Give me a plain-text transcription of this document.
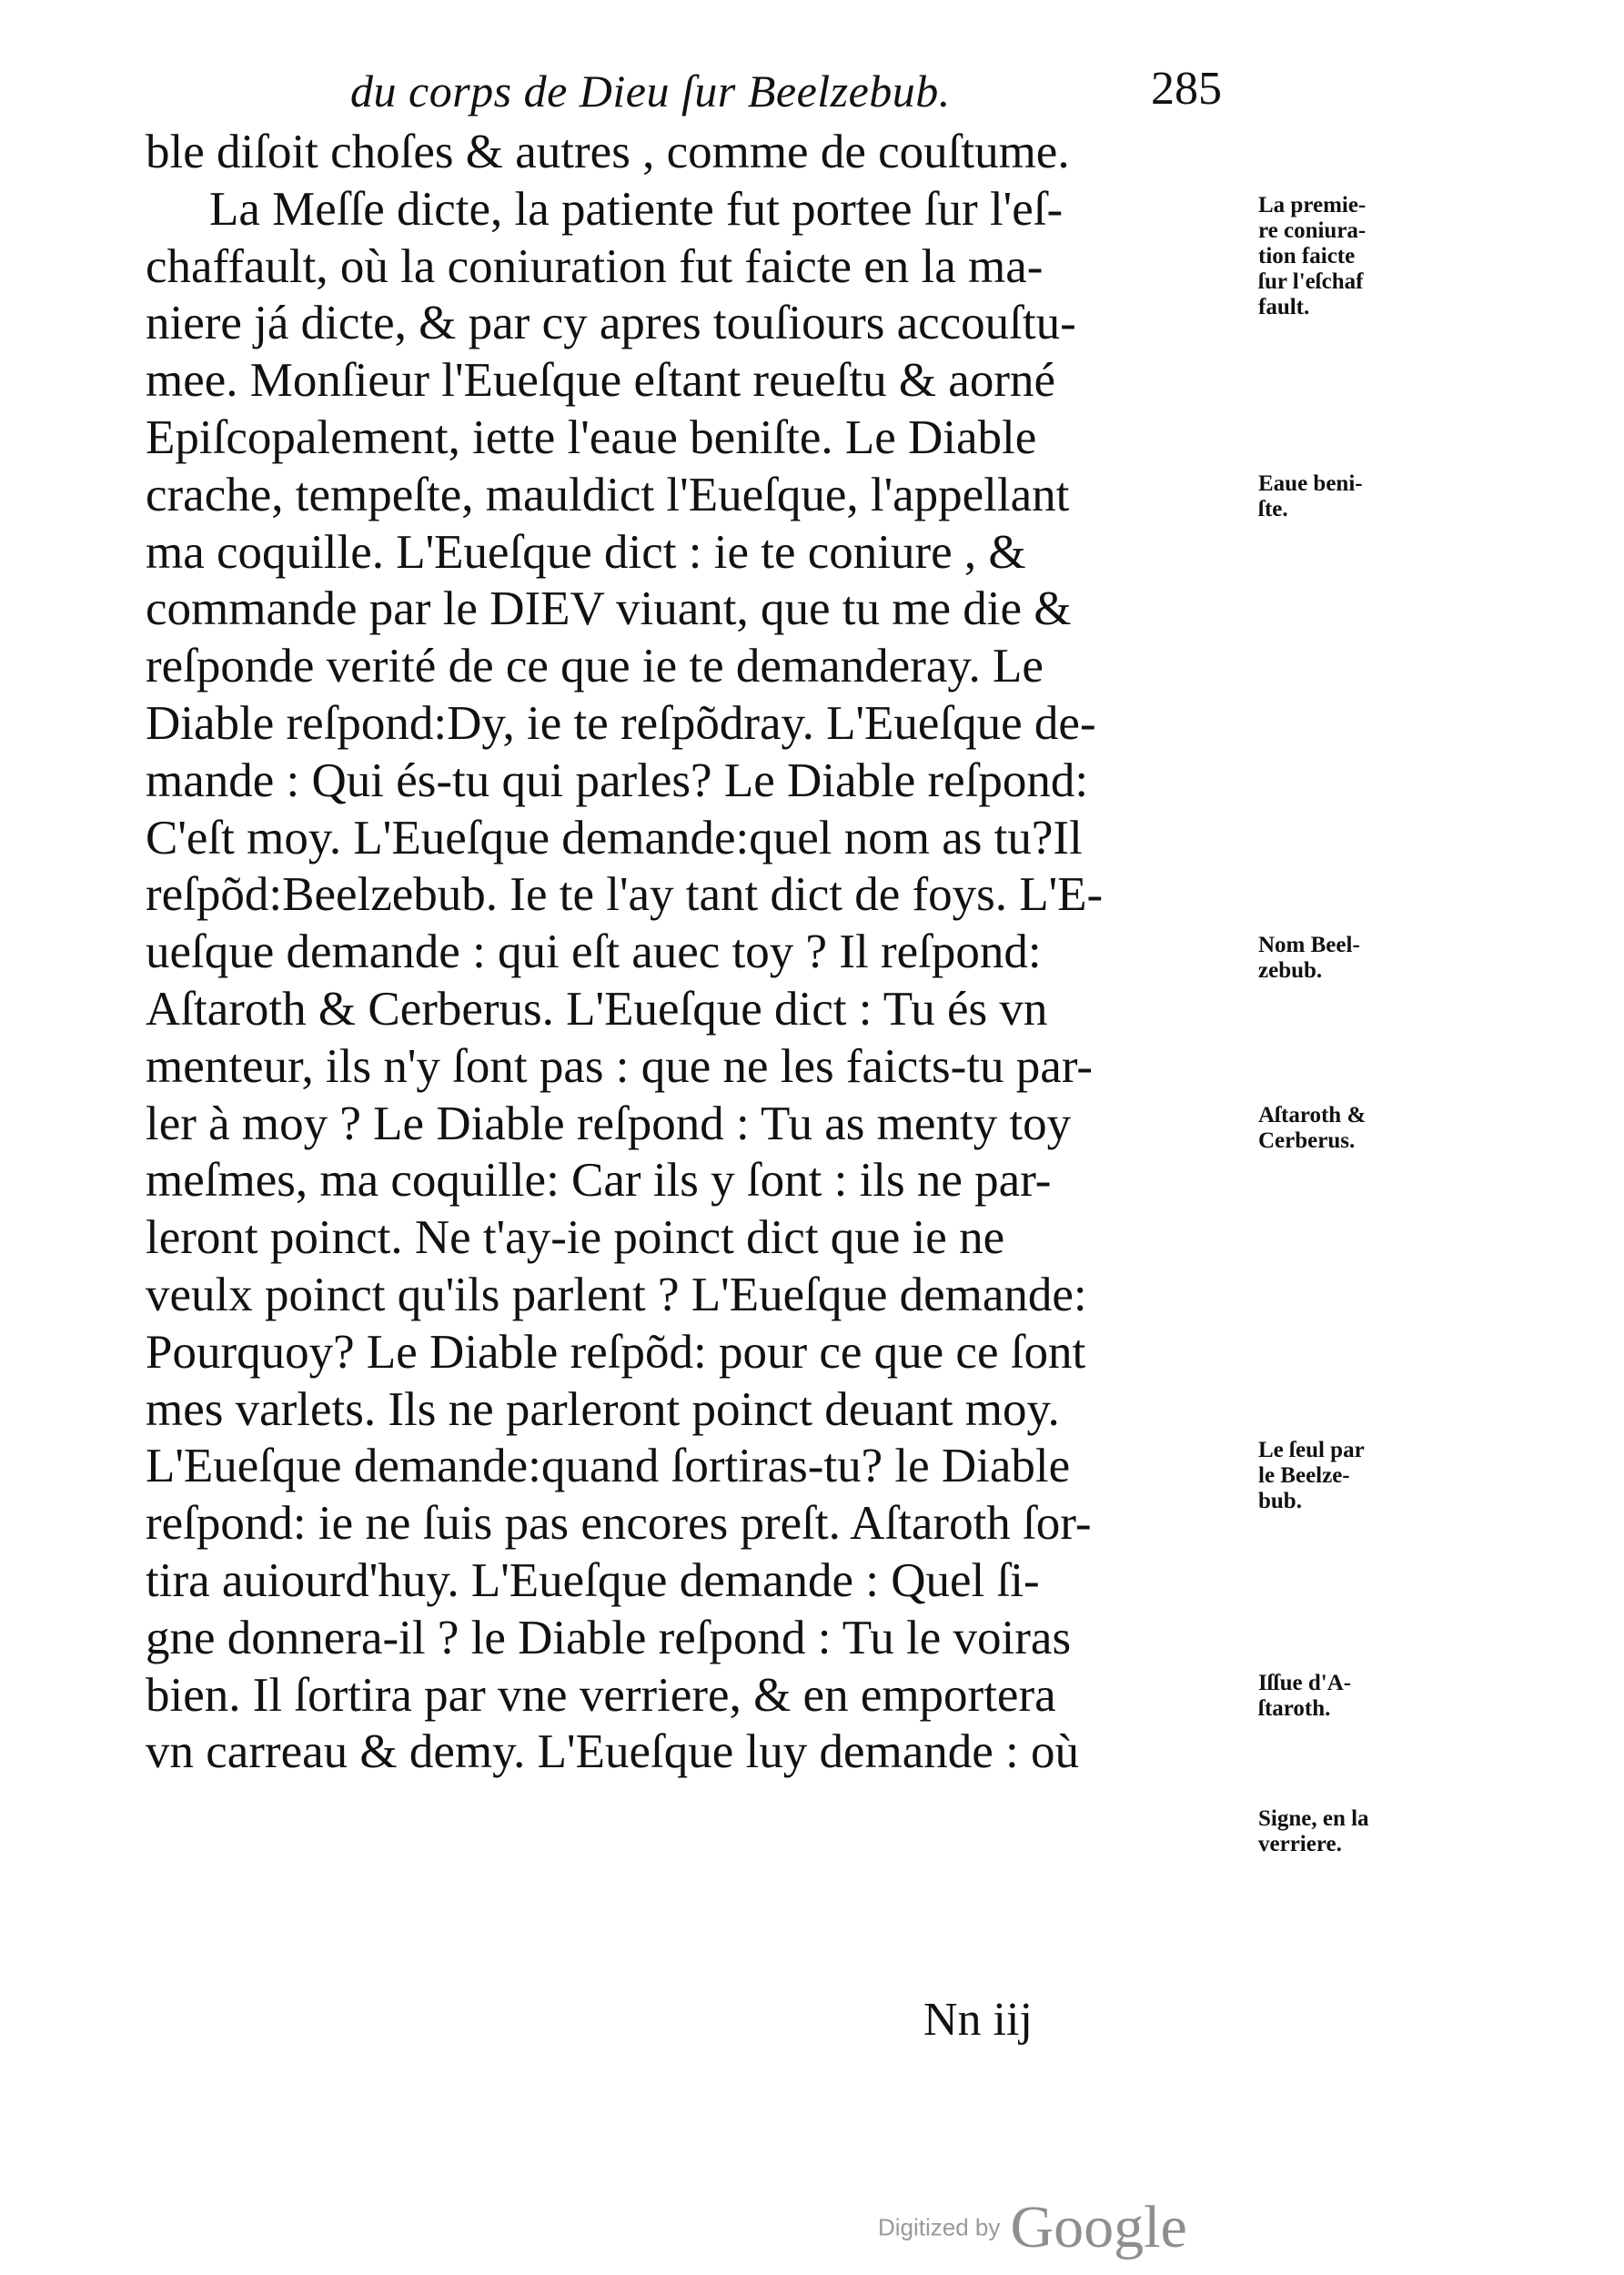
du corps de Dieu ſur Beelzebub.	285
ble diſoit choſes & autres , comme de couſtume.
La Meſſe dicte, la patiente fut portee ſur l'eſ-
chaffault, où la coniuration fut faicte en la ma-
niere já dicte, & par cy apres touſiours accouſtu-
mee. Monſieur l'Eueſque eſtant reueſtu & aorné
Epiſcopalement, iette l'eaue beniſte. Le Diable
crache, tempeſte, mauldict l'Eueſque, l'appellant
ma coquille. L'Eueſque dict : ie te coniure , &
commande par le DIEV viuant, que tu me die &
reſponde verité de ce que ie te demanderay. Le
Diable reſpond:Dy, ie te reſpõdray. L'Eueſque de-
mande : Qui és-tu qui parles? Le Diable reſpond:
C'eſt moy. L'Eueſque demande:quel nom as tu?Il
reſpõd:Beelzebub. Ie te l'ay tant dict de foys. L'E-
ueſque demande : qui eſt auec toy ? Il reſpond:
Aſtaroth & Cerberus. L'Eueſque dict : Tu és vn
menteur, ils n'y ſont pas : que ne les faicts-tu par-
ler à moy ? Le Diable reſpond : Tu as menty toy
meſmes, ma coquille: Car ils y ſont : ils ne par-
leront poinct. Ne t'ay-ie poinct dict que ie ne
veulx poinct qu'ils parlent ? L'Eueſque demande:
Pourquoy? Le Diable reſpõd: pour ce que ce ſont
mes varlets. Ils ne parleront poinct deuant moy.
L'Eueſque demande:quand ſortiras-tu? le Diable
reſpond: ie ne ſuis pas encores preſt. Aſtaroth ſor-
tira auiourd'huy. L'Eueſque demande : Quel ſi-
gne donnera-il ? le Diable reſpond : Tu le voiras
bien. Il ſortira par vne verriere, & en emportera
vn carreau & demy. L'Eueſque luy demande : où
La premie-
re coniura-
tion faicte
ſur l'eſchaf
fault.
Eaue beni-
ſte.
Nom Beel-
zebub.
Aſtaroth &
Cerberus.
Le ſeul par
le Beelze-
bub.
Iſſue d'A-
ſtaroth.
Signe, en la
verriere.
Nn iij
Digitized by Google
